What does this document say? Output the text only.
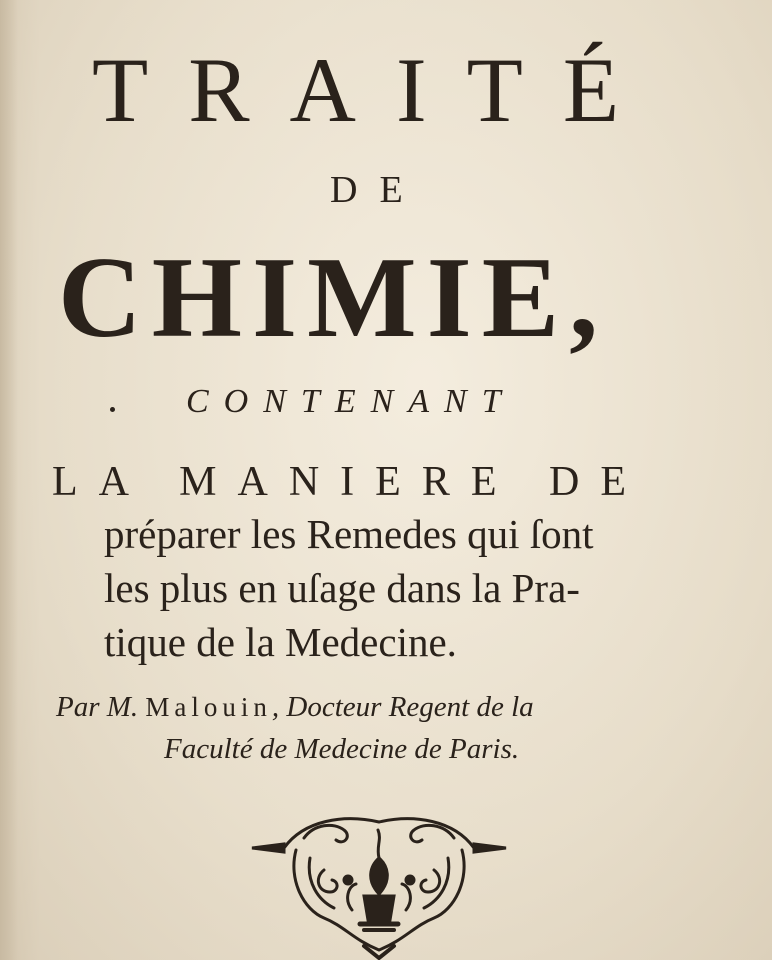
TRAITÉ
DE
CHIMIE,
CONTENANT
LA MANIERE DE
préparer les Remedes qui ſont
les plus en uſage dans la Pra-
tique de la Medecine.
Par M. Malouin, Docteur Regent de la
Faculté de Medecine de Paris.
